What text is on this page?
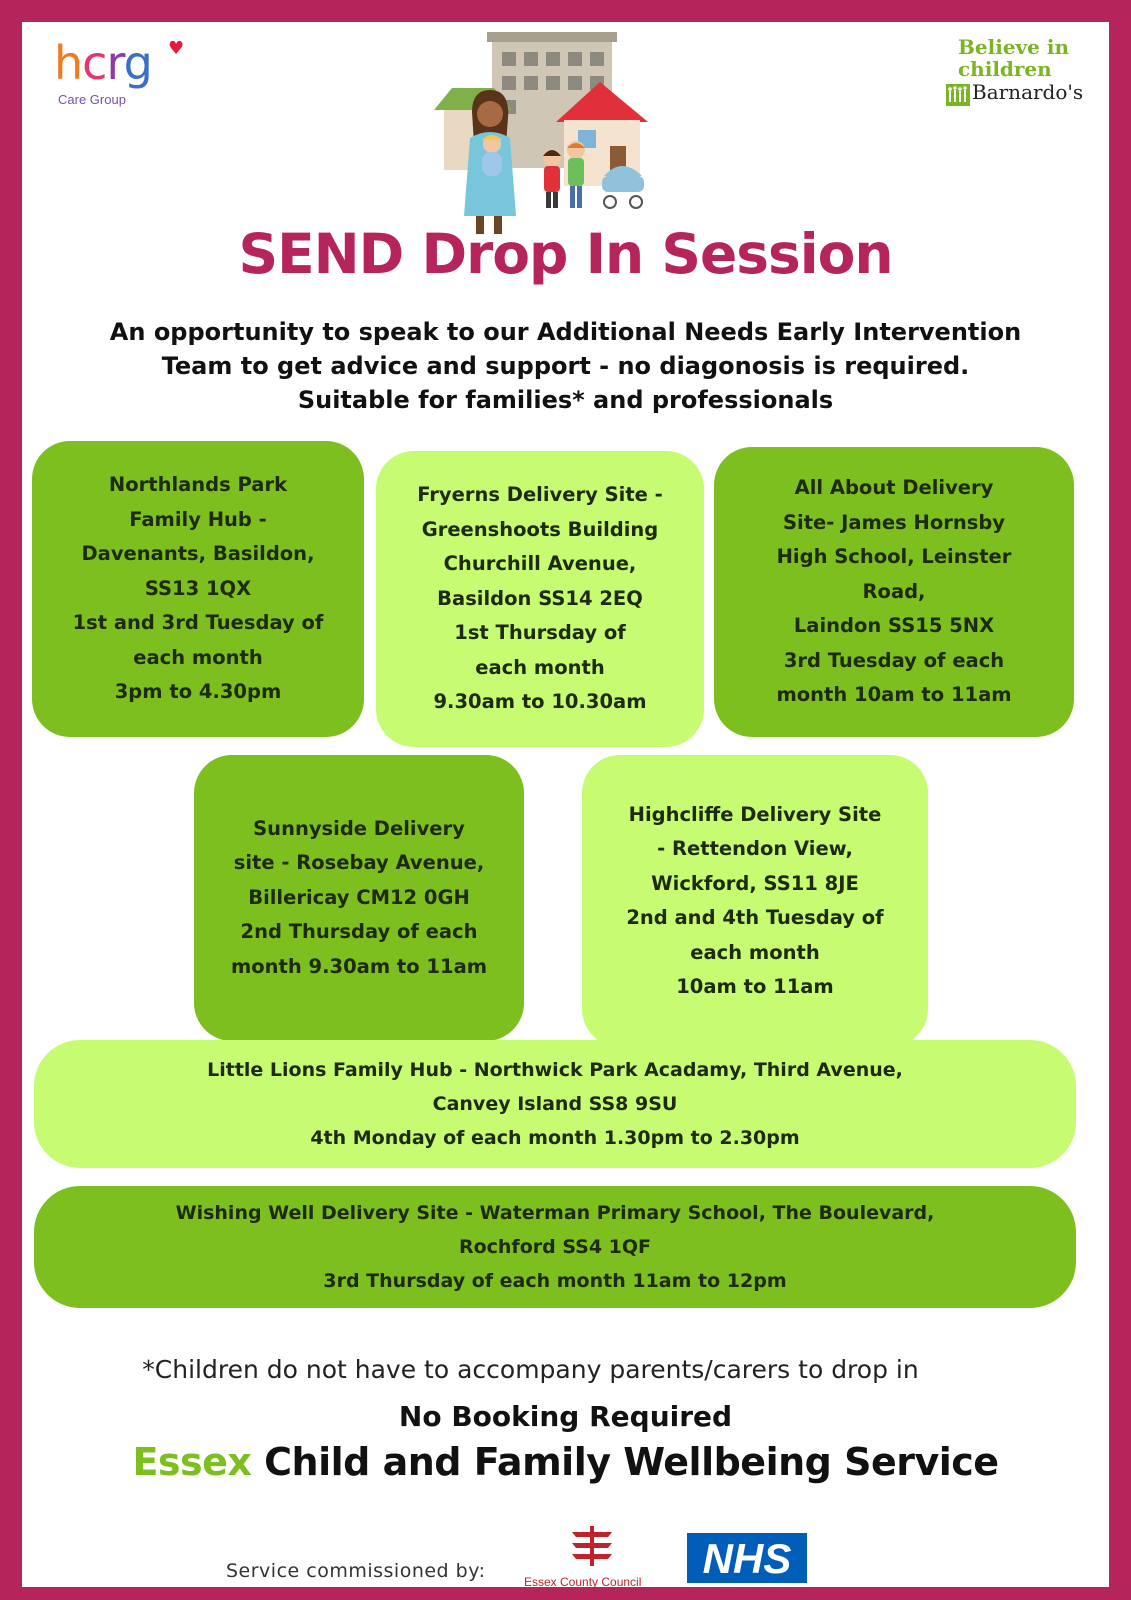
hcrg ♥
Care Group
Believe in
children
Barnardo's
SEND Drop In Session
An opportunity to speak to our Additional Needs Early Intervention
Team to get advice and support - no diagonosis is required.
Suitable for families* and professionals
Northlands Park
Family Hub -
Davenants, Basildon,
SS13 1QX
1st and 3rd Tuesday of
each month
3pm to 4.30pm
Fryerns Delivery Site -
Greenshoots Building
Churchill Avenue,
Basildon SS14 2EQ
1st Thursday of
each month
9.30am to 10.30am
All About Delivery
Site- James Hornsby
High School, Leinster
Road,
Laindon SS15 5NX
3rd Tuesday of each
month 10am to 11am
Sunnyside Delivery
site - Rosebay Avenue,
Billericay CM12 0GH
2nd Thursday of each
month 9.30am to 11am
Highcliffe Delivery Site
- Rettendon View,
Wickford, SS11 8JE
2nd and 4th Tuesday of
each month
10am to 11am
Little Lions Family Hub - Northwick Park Acadamy, Third Avenue,
Canvey Island SS8 9SU
4th Monday of each month 1.30pm to 2.30pm
Wishing Well Delivery Site - Waterman Primary School, The Boulevard,
Rochford SS4 1QF
3rd Thursday of each month 11am to 12pm
*Children do not have to accompany parents/carers to drop in
No Booking Required
Essex Child and Family Wellbeing Service
Service commissioned by:	Essex County Council NHS
